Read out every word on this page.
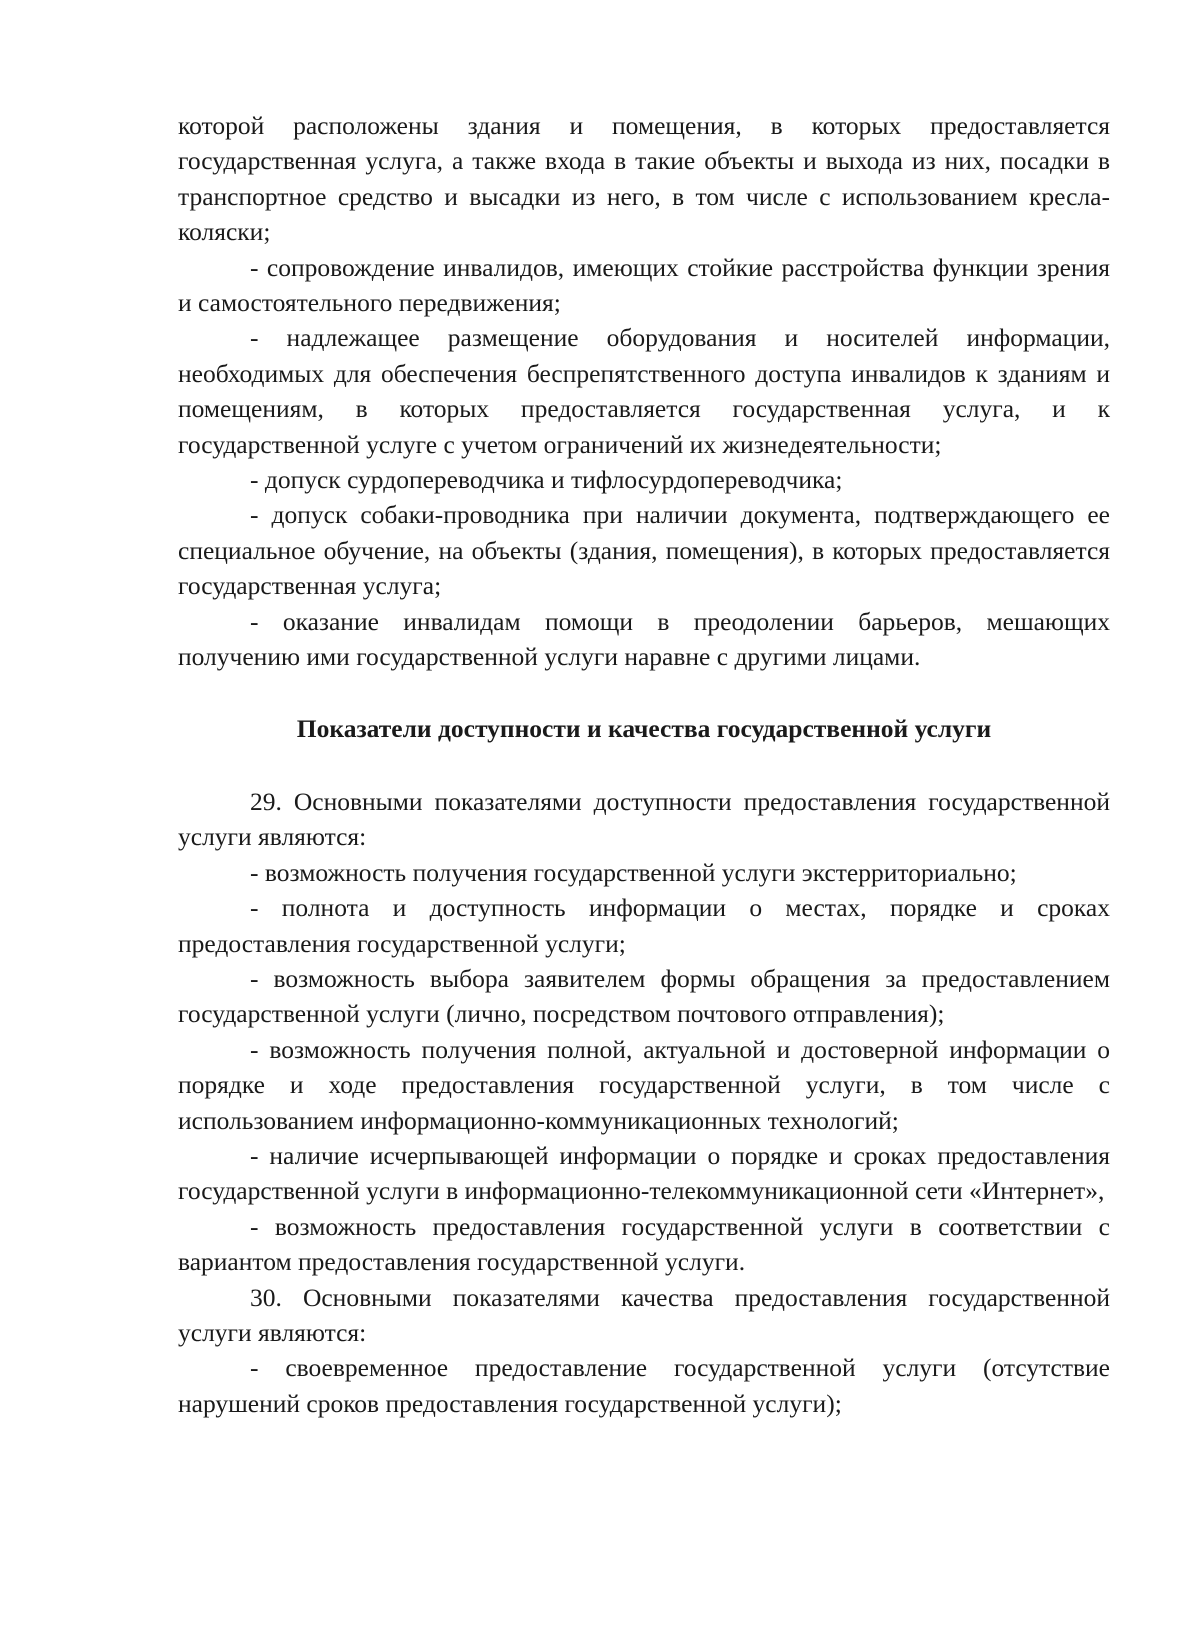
которой расположены здания и помещения, в которых предоставляется государственная услуга, а также входа в такие объекты и выхода из них, посадки в транспортное средство и высадки из него, в том числе с использованием кресла-коляски;

- сопровождение инвалидов, имеющих стойкие расстройства функции зрения и самостоятельного передвижения;

- надлежащее размещение оборудования и носителей информации, необходимых для обеспечения беспрепятственного доступа инвалидов к зданиям и помещениям, в которых предоставляется государственная услуга, и к государственной услуге с учетом ограничений их жизнедеятельности;

- допуск сурдопереводчика и тифлосурдопереводчика;

- допуск собаки-проводника при наличии документа, подтверждающего ее специальное обучение, на объекты (здания, помещения), в которых предоставляется государственная услуга;

- оказание инвалидам помощи в преодолении барьеров, мешающих получению ими государственной услуги наравне с другими лицами.

Показатели доступности и качества государственной услуги

29. Основными показателями доступности предоставления государственной услуги являются:

- возможность получения государственной услуги экстерриториально;

- полнота и доступность информации о местах, порядке и сроках предоставления государственной услуги;

- возможность выбора заявителем формы обращения за предоставлением государственной услуги (лично, посредством почтового отправления);

- возможность получения полной, актуальной и достоверной информации о порядке и ходе предоставления государственной услуги, в том числе с использованием информационно-коммуникационных технологий;

- наличие исчерпывающей информации о порядке и сроках предоставления государственной услуги в информационно-телекоммуникационной сети «Интернет»,

- возможность предоставления государственной услуги в соответствии с вариантом предоставления государственной услуги.

30. Основными показателями качества предоставления государственной услуги являются:

- своевременное предоставление государственной услуги (отсутствие нарушений сроков предоставления государственной услуги);
